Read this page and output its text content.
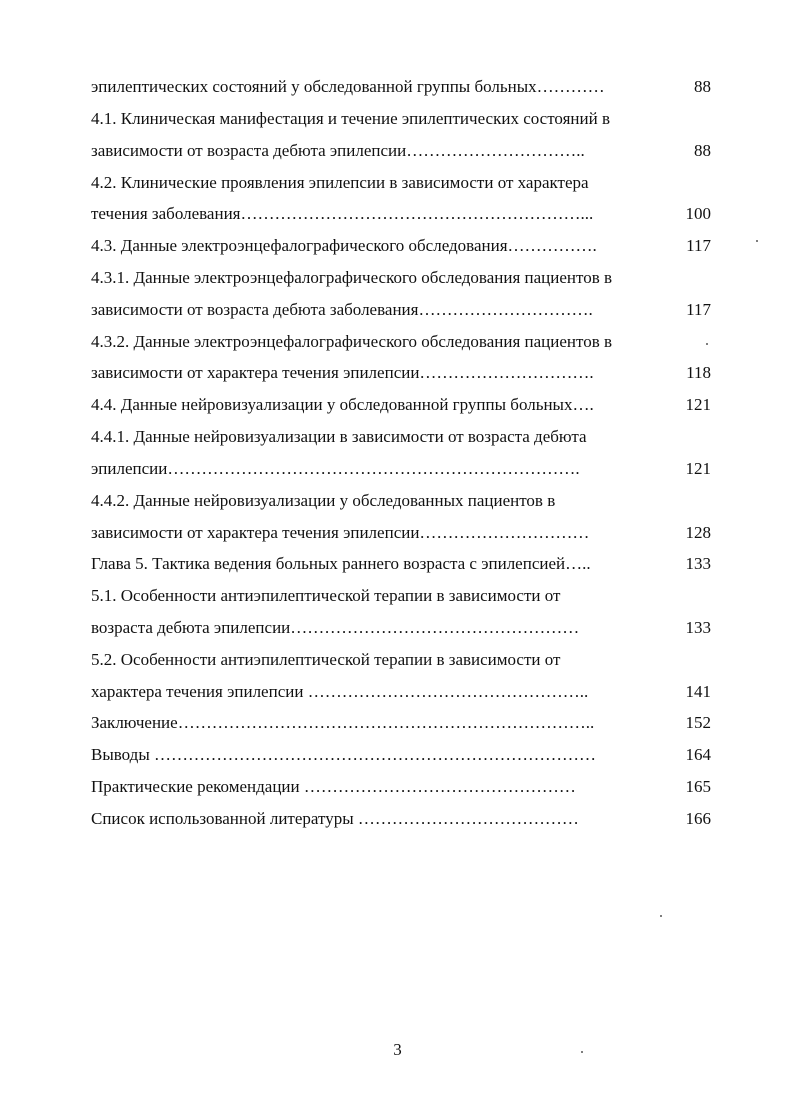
эпилептических состояний у обследованной группы больных…………	88
4.1. Клиническая манифестация и течение эпилептических состояний в
зависимости от возраста дебюта эпилепсии…………………………..	88
4.2. Клинические проявления эпилепсии в зависимости от характера
течения заболевания……………………………………………………...	100
4.3. Данные электроэнцефалографического обследования…………….	117
4.3.1. Данные электроэнцефалографического обследования пациентов в
зависимости от возраста дебюта заболевания………………………….	117
4.3.2. Данные электроэнцефалографического обследования пациентов в
зависимости от характера течения эпилепсии………………………….	118
4.4. Данные нейровизуализации у обследованной группы больных….	121
4.4.1. Данные нейровизуализации в зависимости от возраста дебюта
эпилепсии……………………………………………………………….	121
4.4.2. Данные нейровизуализации у обследованных пациентов в
зависимости от характера течения эпилепсии…………………………	128
Глава 5. Тактика ведения больных раннего возраста с эпилепсией…..	133
5.1. Особенности антиэпилептической терапии в зависимости от
возраста дебюта эпилепсии……………………………………………	133
5.2. Особенности антиэпилептической терапии в зависимости от
характера течения эпилепсии …………………………………………..	141
Заключение………………………………………………………………..	152
Выводы ……………………………………………………………………	164
Практические рекомендации …………………………………………	165
Список использованной литературы …………………………………	166
3
